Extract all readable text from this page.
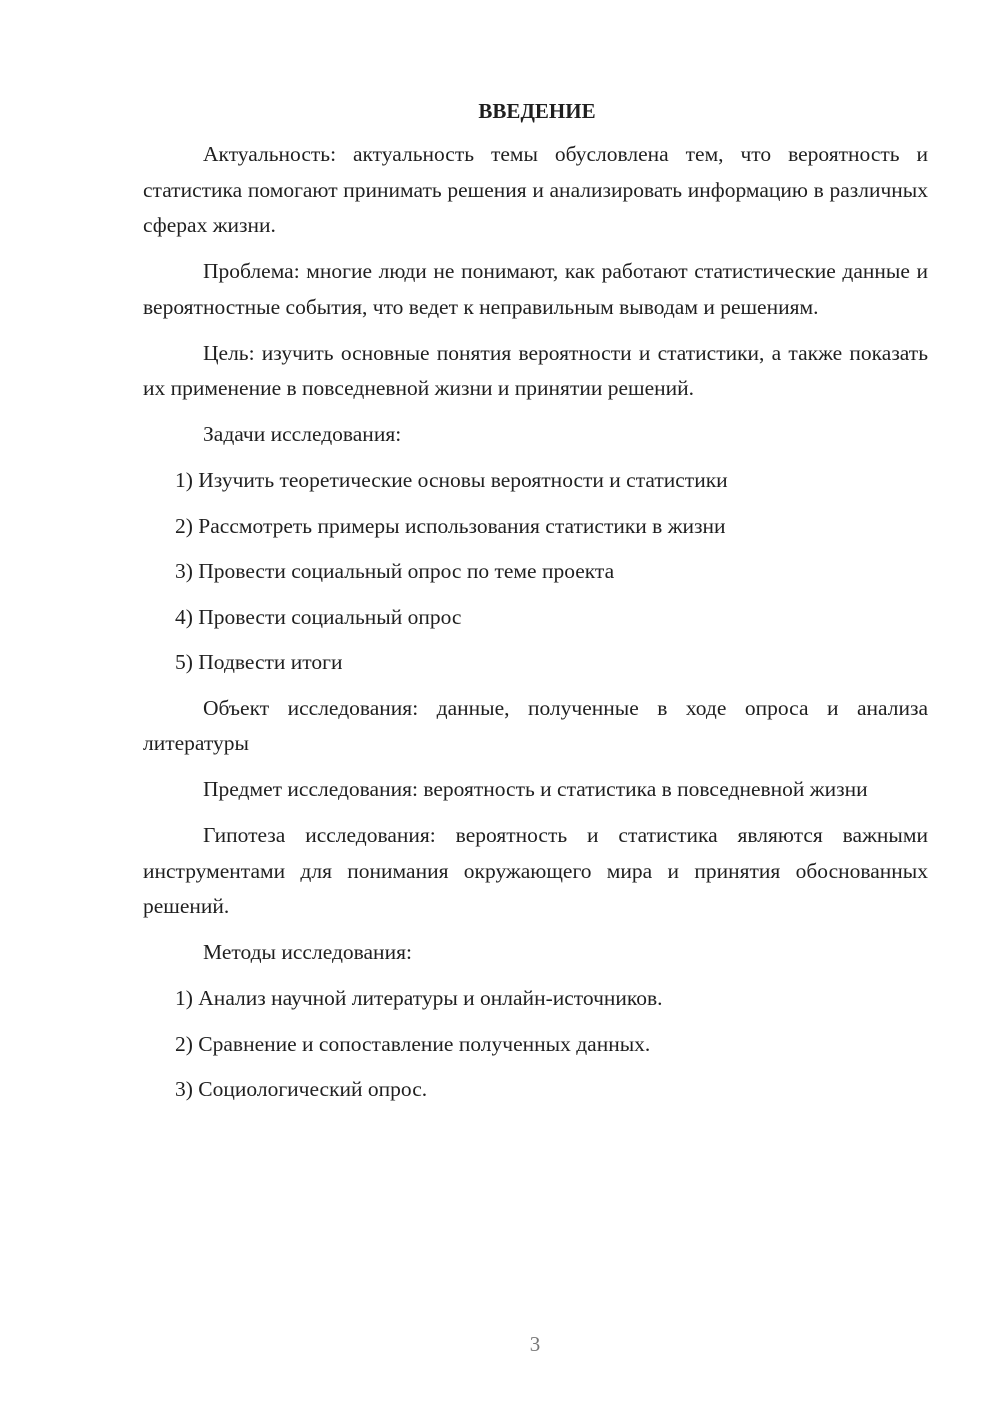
ВВЕДЕНИЕ

Актуальность: актуальность темы обусловлена тем, что вероятность и статистика помогают принимать решения и анализировать информацию в различных сферах жизни.

Проблема: многие люди не понимают, как работают статистические данные и вероятностные события, что ведет к неправильным выводам и решениям.

Цель: изучить основные понятия вероятности и статистики, а также показать их применение в повседневной жизни и принятии решений.

Задачи исследования:

1) Изучить теоретические основы вероятности и статистики
2) Рассмотреть примеры использования статистики в жизни
3) Провести социальный опрос по теме проекта
4) Провести социальный опрос
5) Подвести итоги

Объект исследования: данные, полученные в ходе опроса и анализа литературы

Предмет исследования: вероятность и статистика в повседневной жизни

Гипотеза исследования: вероятность и статистика являются важными инструментами для понимания окружающего мира и принятия обоснованных решений.

Методы исследования:

1) Анализ научной литературы и онлайн-источников.
2) Сравнение и сопоставление полученных данных.
3) Социологический опрос.
3
